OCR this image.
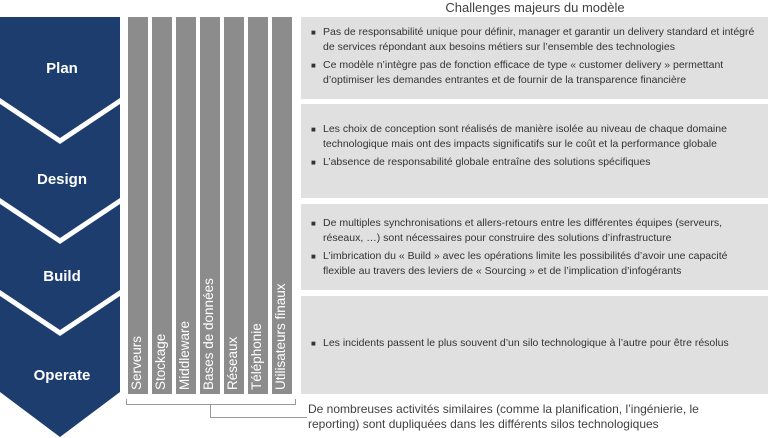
Plan
Design
Build
Operate	Serveurs Stockage Middleware Bases de données Réseaux Téléphonie Utilisateurs finaux
Challenges majeurs du modèle
■ Pas de responsabilité unique pour définir, manager et garantir un delivery standard et intégré de services répondant aux besoins métiers sur l’ensemble des technologies
■ Ce modèle n’intègre pas de fonction efficace de type « customer delivery » permettant d’optimiser les demandes entrantes et de fournir de la transparence financière
■ Les choix de conception sont réalisés de manière isolée au niveau de chaque domaine technologique mais ont des impacts significatifs sur le coût et la performance globale
■ L’absence de responsabilité globale entraîne des solutions spécifiques
■ De multiples synchronisations et allers-retours entre les différentes équipes (serveurs, réseaux, …) sont nécessaires pour construire des solutions d’infrastructure
■ L’imbrication du « Build » avec les opérations limite les possibilités d’avoir une capacité flexible au travers des leviers de « Sourcing » et de l’implication d’infogérants
■ Les incidents passent le plus souvent d’un silo technologique à l’autre pour être résolus
De nombreuses activités similaires (comme la planification, l’ingénierie, le reporting) sont dupliquées dans les différents silos technologiques
